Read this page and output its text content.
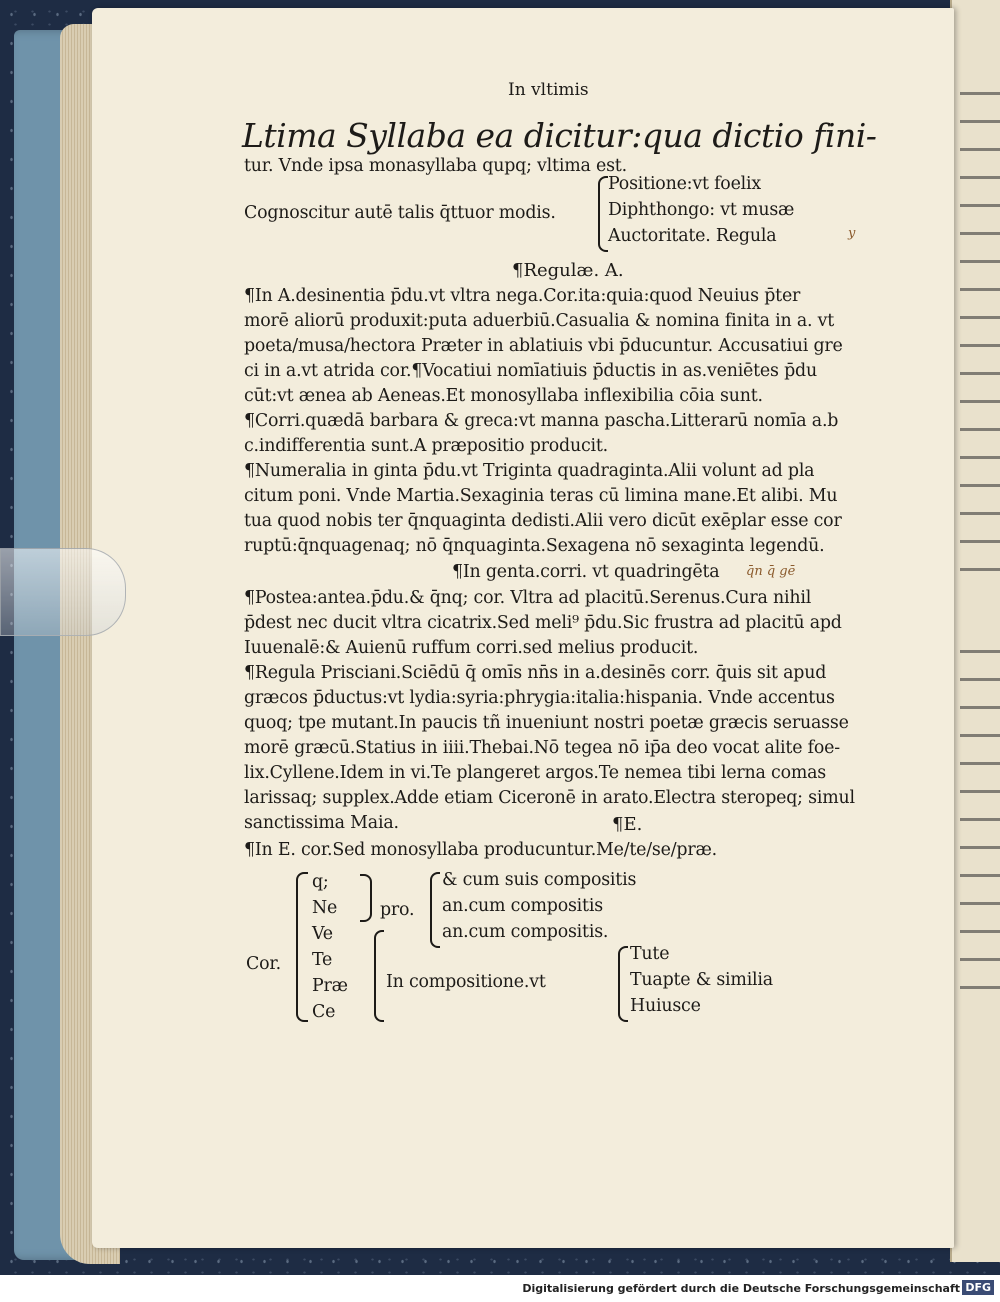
In vltimis
Ltima Syllaba ea dicitur:qua dictio fini-
tur. Vnde ipsa monasyllaba qupq; vltima est.
Cognoscitur autē talis q̄ttuor modis.
Positione:vt foelix
Diphthongo: vt musæ
Auctoritate. Regula	y
¶Regulæ. A.
¶In A.desinentia p̄du.vt vltra nega.Cor.ita:quia:quod Neuius p̄ter
morē aliorū produxit:puta aduerbiū.Casualia & nomina finita in a. vt
poeta/musa/hectora Præter in ablatiuis vbi p̄ducuntur. Accusatiui gre
ci in a.vt atrida cor.¶Vocatiui nomīatiuis p̄ductis in as.veniētes p̄du
cūt:vt ænea ab Aeneas.Et monosyllaba inflexibilia cōia sunt.
¶Corri.quædā barbara & greca:vt manna pascha.Litterarū nomīa a.b
c.indifferentia sunt.A præpositio producit.
¶Numeralia in ginta p̄du.vt Triginta quadraginta.Alii volunt ad pla
citum poni. Vnde Martia.Sexaginia teras cū limina mane.Et alibi. Mu
tua quod nobis ter q̄nquaginta dedisti.Alii vero dicūt exēplar esse cor
ruptū:q̄nquagenaq; nō q̄nquaginta.Sexagena nō sexaginta legendū.
¶In genta.corri. vt quadringēta q̄n q̄ gē
¶Postea:antea.p̄du.& q̄nq; cor. Vltra ad placitū.Serenus.Cura nihil
p̄dest nec ducit vltra cicatrix.Sed meli⁹ p̄du.Sic frustra ad placitū apd
Iuuenalē:& Auienū ruffum corri.sed melius producit.
¶Regula Prisciani.Sciēdū q̄ omīs nn̄s in a.desinēs corr. q̄uis sit apud
græcos p̄ductus:vt lydia:syria:phrygia:italia:hispania. Vnde accentus
quoq; tpe mutant.In paucis tñ inueniunt nostri poetæ græcis seruasse
morē græcū.Statius in iiii.Thebai.Nō tegea nō ip̄a deo vocat alite foe-
lix.Cyllene.Idem in vi.Te plangeret argos.Te nemea tibi lerna comas
larissaq; supplex.Adde etiam Ciceronē in arato.Electra steropeq; simul
sanctissima Maia.	¶E.
¶In E. cor.Sed monosyllaba producuntur.Me/te/se/præ.
Cor.
q;
Ne
Ve
Te
Præ
Ce
pro.
& cum suis compositis
an.cum compositis
an.cum compositis.
In compositione.vt
Tute
Tuapte & similia
Huiusce
Digitalisierung gefördert durch die Deutsche Forschungsgemeinschaft DFG
